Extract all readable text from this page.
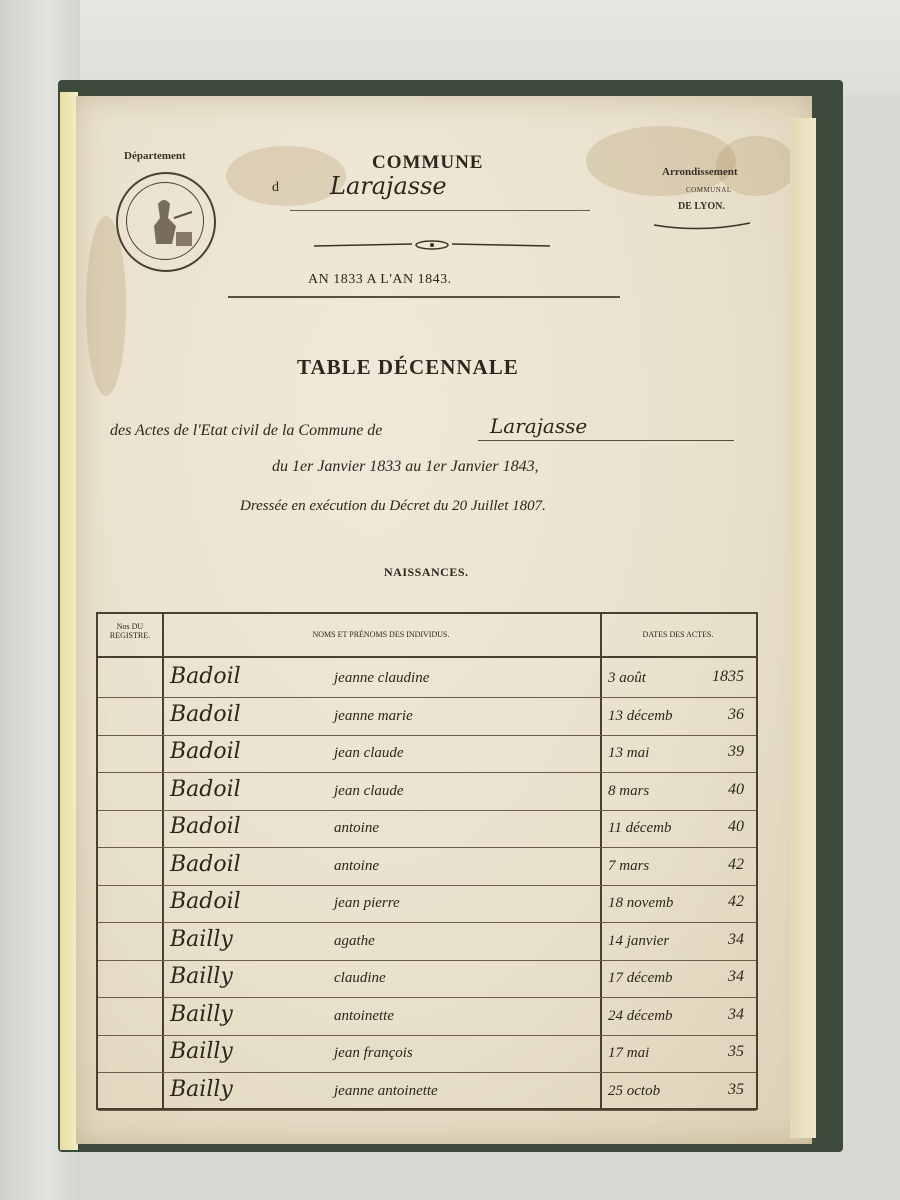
Département	COMMUNE
d Larajasse	Arrondissement
COMMUNAL
DE LYON.
AN 1833 A L'AN 1843.
TABLE DÉCENNALE
des Actes de l'Etat civil de la Commune de	Larajasse
du 1er Janvier 1833 au 1er Janvier 1843,
Dressée en exécution du Décret du 20 Juillet 1807.
NAISSANCES.
Nos DU REGISTRE.	NOMS ET PRÉNOMS DES INDIVIDUS.	DATES DES ACTES.
Badoil	jeanne claudine	3 août	1835
Badoil	jeanne marie	13 décemb	36
Badoil	jean claude	13 mai	39
Badoil	jean claude	8 mars	40
Badoil	antoine	11 décemb	40
Badoil	antoine	7 mars	42
Badoil	jean pierre	18 novemb	42
Bailly	agathe	14 janvier	34
Bailly	claudine	17 décemb	34
Bailly	antoinette	24 décemb	34
Bailly	jean françois	17 mai	35
Bailly	jeanne antoinette	25 octob	35
